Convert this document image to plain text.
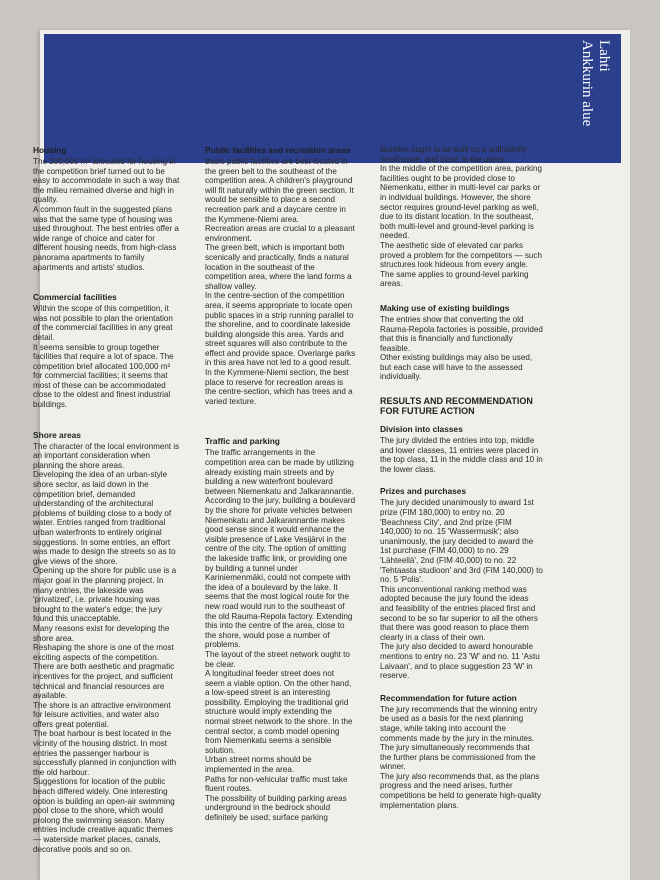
Lahti
Ankkurin alue
Housing

The 200,000 m² allocated for housing in the competition brief turned out to be easy to accommodate in such a way that the milieu remained diverse and high in quality.

A common fault in the suggested plans was that the same type of housing was used throughout. The best entries offer a wide range of choice and cater for different housing needs, from high-class panorama apartments to family apartments and artists' studios.

Commercial facilities

Within the scope of this competition, it was not possible to plan the orientation of the commercial facilities in any great detail.

It seems sensible to group together facilities that require a lot of space. The competition brief allocated 100,000 m² for commercial facilities; it seems that most of these can be accommodated close to the oldest and finest industrial buildings.

Shore areas

The character of the local environment is an important consideration when planning the shore areas.

Developing the idea of an urban-style shore sector, as laid down in the competition brief, demanded understanding of the architectural problems of building close to a body of water. Entries ranged from traditional urban waterfronts to entirely original suggestions. In some entries, an effort was made to design the streets so as to give views of the shore.

Opening up the shore for public use is a major goal in the planning project. In many entries, the lakeside was 'privatized', i.e. private housing was brought to the water's edge; the jury found this unacceptable.

Many reasons exist for developing the shore area.

Reshaping the shore is one of the most exciting aspects of the competition. There are both aesthetic and pragmatic incentives for the project, and sufficient technical and financial resources are available.

The shore is an attractive environment for leisure activities, and water also offers great potential.

The boat harbour is best located in the vicinity of the housing district. In most entries the passenger harbour is successfully planned in conjunction with the old harbour.

Suggestions for location of the public beach differed widely. One interesting option is building an open-air swimming pool close to the shore, which would prolong the swimming season. Many entries include creative aquatic themes — waterside market places, canals, decorative pools and so on.

Public facilities and recreation areas

Basic public facilities are best located in the green belt to the southeast of the competition area. A children's playground will fit naturally within the green section. It would be sensible to place a second recreation park and a daycare centre in the Kymmene-Niemi area.

Recreation areas are crucial to a pleasant environment.

The green belt, which is important both scenically and practically, finds a natural location in the southeast of the competition area, where the land forms a shallow valley.

In the centre-section of the competition area, it seems appropriate to locate open public spaces in a strip running parallel to the shoreline, and to coordinate lakeside building alongside this area. Yards and street squares will also contribute to the effect and provide space. Overlarge parks in this area have not led to a good result.

In the Kymmene-Niemi section, the best place to reserve for recreation areas is the centre-section, which has trees and a varied texture.

Traffic and parking

The traffic arrangements in the competition area can be made by utilizing already existing main streets and by building a new waterfront boulevard between Niemenkatu and Jalkarannantie.

According to the jury, building a boulevard by the shore for private vehicles between Niemenkatu and Jalkarannantie makes good sense since it would enhance the visible presence of Lake Vesijärvi in the centre of the city. The option of omitting the lakeside traffic link, or providing one by building a tunnel under Kariniemenmäki, could not compete with the idea of a boulevard by the lake. It seems that the most logical route for the new road would run to the southeast of the old Rauma-Repola factory. Extending this into the centre of the area, close to the shore, would pose a number of problems.

The layout of the street network ought to be clear.

A longitudinal feeder street does not seem a viable option. On the other hand, a low-speed street is an interesting possibility. Employing the traditional grid structure would imply extending the normal street network to the shore. In the central sector, a comb model opening from Niemenkatu seems a sensible solution.

Urban street norms should be implemented in the area.

Paths for non-vehicular traffic must take fluent routes.

The possibility of building parking areas underground in the bedrock should definitely be used; surface parking

facilities ought to be built on a sufficiently small scale, and close to the users.

In the middle of the competition area, parking facilities ought to be provided close to Niemenkatu, either in multi-level car parks or in individual buildings. However, the shore sector requires ground-level parking as well, due to its distant location. In the southeast, both multi-level and ground-level parking is needed.

The aesthetic side of elevated car parks proved a problem for the competitors — such structures look hideous from every angle. The same applies to ground-level parking areas.

Making use of existing buildings

The entries show that converting the old Rauma-Repola factories is possible, provided that this is financially and functionally feasible.

Other existing buildings may also be used, but each case will have to the assessed individually.

RESULTS AND RECOMMENDATION FOR FUTURE ACTION
Division into classes

The jury divided the entries into top, middle and lower classes, 11 entries were placed in the top class, 11 in the middle class and 10 in the lower class.

Prizes and purchases

The jury decided unanimously to award 1st prize (FIM 180,000) to entry no. 20 'Beachness City', and 2nd prize (FIM 140,000) to no. 15 'Wassermusik'; also unanimously, the jury decided to award the 1st purchase (FIM 40,000) to no. 29 'Lähteellä', 2nd (FIM 40,000) to no. 22 'Tehtaasta studioon' and 3rd (FIM 140,000) to no. 5 'Polis'.

This unconventional ranking method was adopted because the jury found the ideas and feasibility of the entries placed first and second to be so far superior to all the others that there was good reason to place them clearly in a class of their own.

The jury also decided to award honourable mentions to entry no. 23 'W' and no. 11 'Astu Laivaan', and to place suggestion 23 'W' in reserve.

Recommendation for future action

The jury recommends that the winning entry be used as a basis for the next planning stage, while taking into account the comments made by the jury in the minutes.

The jury simultaneously recommends that the further plans be commissioned from the winner.

The jury also recommends that, as the plans progress and the need arises, further competitions be held to generate high-quality implementation plans.
